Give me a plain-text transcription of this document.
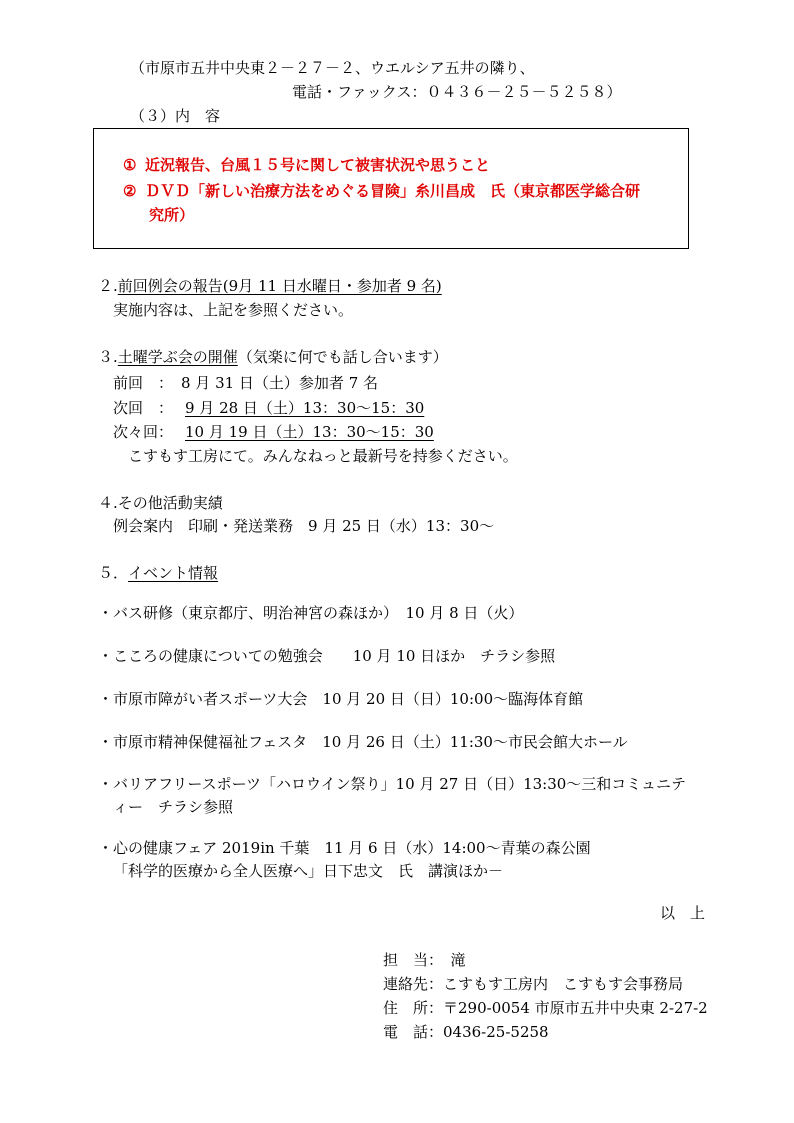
（市原市五井中央東２－２７－２、ウエルシア五井の隣り、
電話・ファックス：０４３６－２５－５２５８）
（３）内　容
① 近況報告、台風１５号に関して被害状況や思うこと
② ＤＶＤ「新しい治療方法をめぐる冒険」糸川昌成　氏（東京都医学総合研
究所）
２.前回例会の報告(9月 11 日水曜日・参加者 9 名)
実施内容は、上記を参照ください。
３.土曜学ぶ会の開催（気楽に何でも話し合います）
前回　： 8 月 31 日（土）参加者 7 名
次回　： 9 月 28 日（土）13：30～15：30
次々回： 10 月 19 日（土）13：30～15：30
こすもす工房にて。みんなねっと最新号を持参ください。
４.その他活動実績
例会案内　印刷・発送業務　9 月 25 日（水）13：30～
５．イベント情報
・バス研修（東京都庁、明治神宮の森ほか）　10 月 8 日（火）
・こころの健康についての勉強会　　10 月 10 日ほか　チラシ参照
・市原市障がい者スポーツ大会　10 月 20 日（日）10:00～臨海体育館
・市原市精神保健福祉フェスタ　10 月 26 日（土）11:30～市民会館大ホール
・バリアフリースポーツ「ハロウイン祭り」10 月 27 日（日）13:30～三和コミュニテ
ィー　チラシ参照
・心の健康フェア 2019in 千葉　11 月 6 日（水）14:00～青葉の森公園
「科学的医療から全人医療へ」日下忠文　氏　講演ほか－
以　上
担　当：　滝
連絡先：こすもす工房内　こすもす会事務局
住　所：〒290-0054 市原市五井中央東 2-27-2
電　話：0436-25-5258
